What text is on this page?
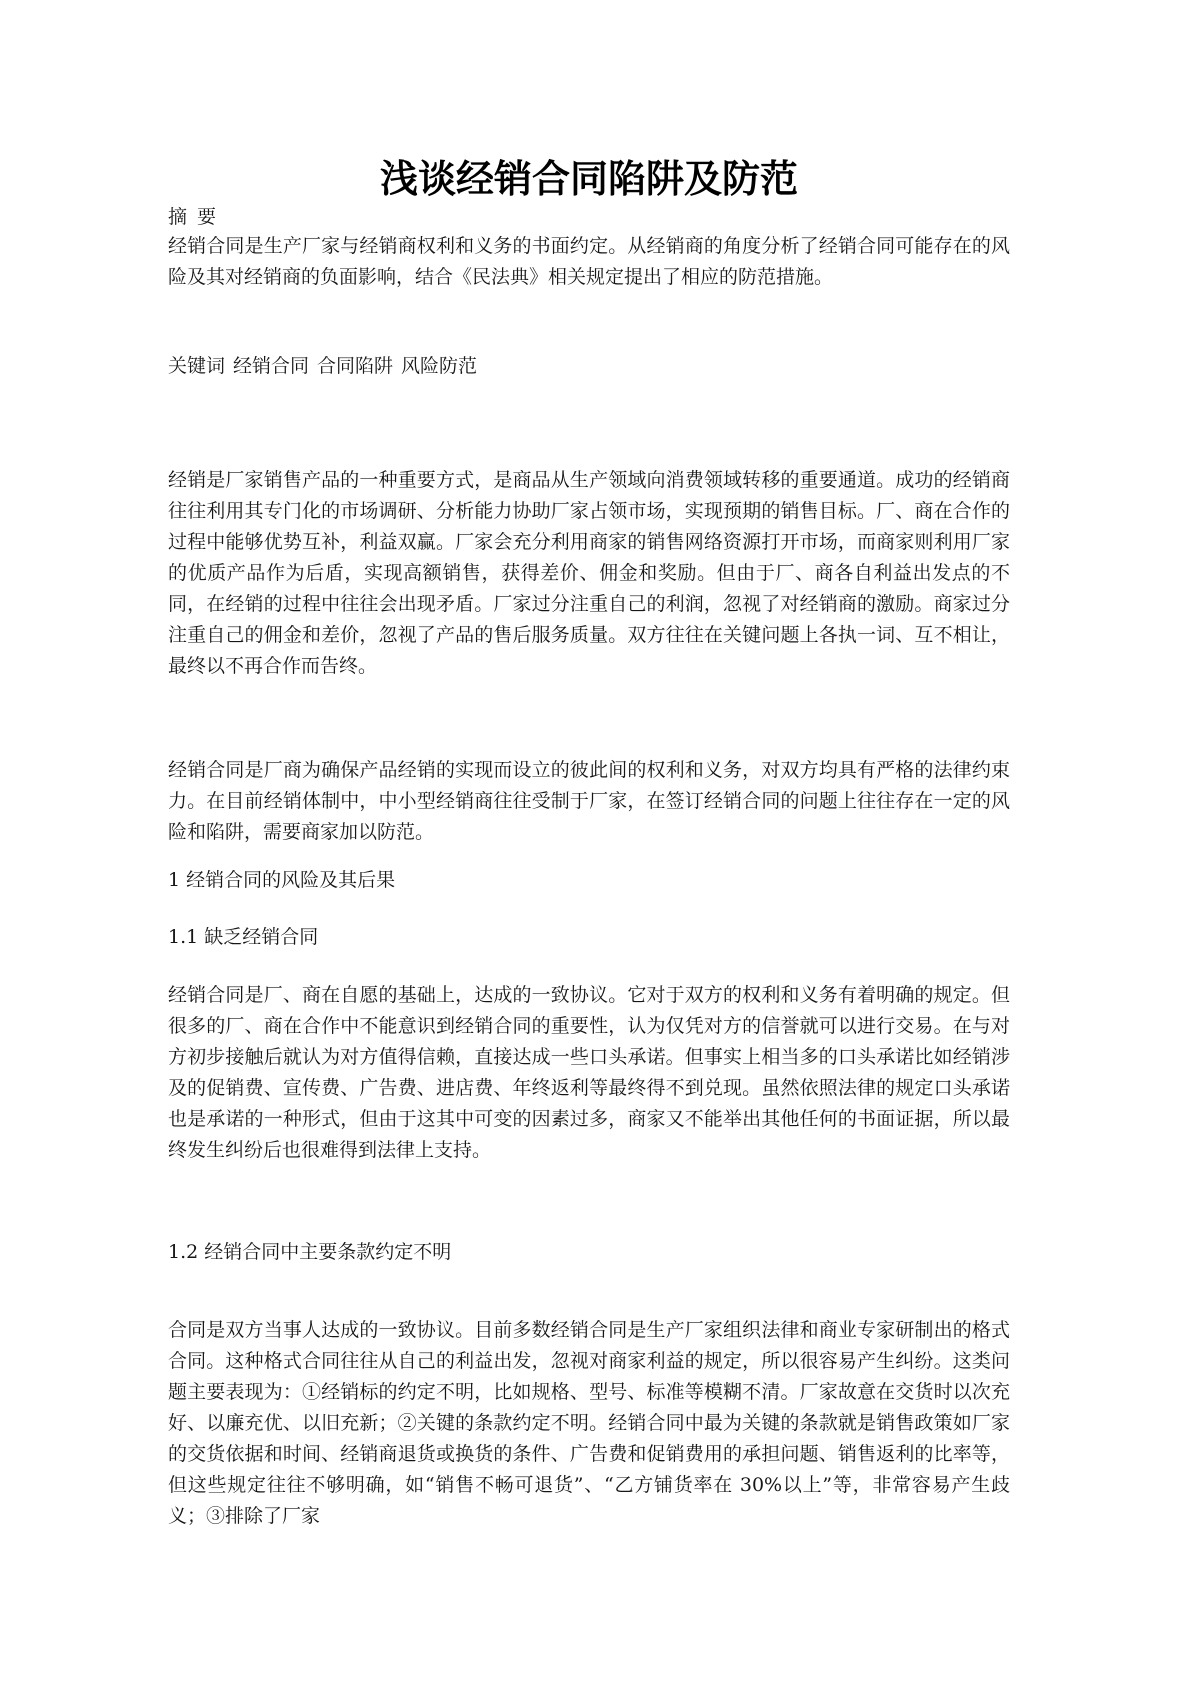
浅谈经销合同陷阱及防范
摘 要

经销合同是生产厂家与经销商权利和义务的书面约定。从经销商的角度分析了经销合同可能存在的风险及其对经销商的负面影响，结合《民法典》相关规定提出了相应的防范措施。

关键词 经销合同 合同陷阱 风险防范

经销是厂家销售产品的一种重要方式，是商品从生产领域向消费领域转移的重要通道。成功的经销商往往利用其专门化的市场调研、分析能力协助厂家占领市场，实现预期的销售目标。厂、商在合作的过程中能够优势互补，利益双赢。厂家会充分利用商家的销售网络资源打开市场，而商家则利用厂家的优质产品作为后盾，实现高额销售，获得差价、佣金和奖励。但由于厂、商各自利益出发点的不同，在经销的过程中往往会出现矛盾。厂家过分注重自己的利润，忽视了对经销商的激励。商家过分注重自己的佣金和差价，忽视了产品的售后服务质量。双方往往在关键问题上各执一词、互不相让，最终以不再合作而告终。

经销合同是厂商为确保产品经销的实现而设立的彼此间的权利和义务，对双方均具有严格的法律约束力。在目前经销体制中，中小型经销商往往受制于厂家，在签订经销合同的问题上往往存在一定的风险和陷阱，需要商家加以防范。

1 经销合同的风险及其后果
1.1 缺乏经销合同

经销合同是厂、商在自愿的基础上，达成的一致协议。它对于双方的权利和义务有着明确的规定。但很多的厂、商在合作中不能意识到经销合同的重要性，认为仅凭对方的信誉就可以进行交易。在与对方初步接触后就认为对方值得信赖，直接达成一些口头承诺。但事实上相当多的口头承诺比如经销涉及的促销费、宣传费、广告费、进店费、年终返利等最终得不到兑现。虽然依照法律的规定口头承诺也是承诺的一种形式，但由于这其中可变的因素过多，商家又不能举出其他任何的书面证据，所以最终发生纠纷后也很难得到法律上支持。

1.2 经销合同中主要条款约定不明

合同是双方当事人达成的一致协议。目前多数经销合同是生产厂家组织法律和商业专家研制出的格式合同。这种格式合同往往从自己的利益出发，忽视对商家利益的规定，所以很容易产生纠纷。这类问题主要表现为：①经销标的约定不明，比如规格、型号、标准等模糊不清。厂家故意在交货时以次充好、以廉充优、以旧充新；②关键的条款约定不明。经销合同中最为关键的条款就是销售政策如厂家的交货依据和时间、经销商退货或换货的条件、广告费和促销费用的承担问题、销售返利的比率等，但这些规定往往不够明确，如“销售不畅可退货”、“乙方铺货率在 30%以上”等，非常容易产生歧义；③排除了厂家
